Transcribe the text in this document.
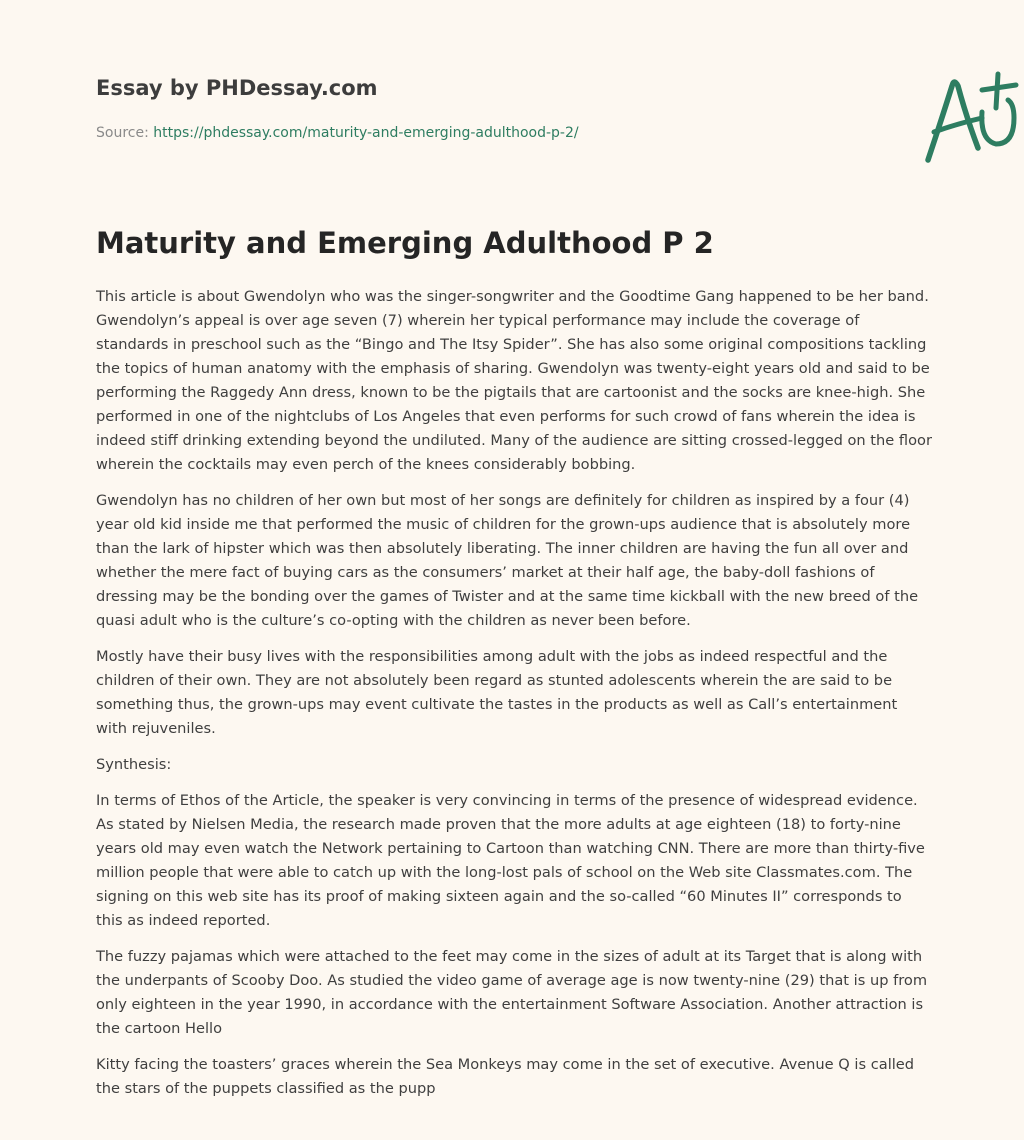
Essay by PHDessay.com
Source: https://phdessay.com/maturity-and-emerging-adulthood-p-2/
Maturity and Emerging Adulthood P 2

This article is about Gwendolyn who was the singer-songwriter and the Goodtime Gang happened to be her band. Gwendolyn’s appeal is over age seven (7) wherein her typical performance may include the coverage of standards in preschool such as the “Bingo and The Itsy Spider”. She has also some original compositions tackling the topics of human anatomy with the emphasis of sharing. Gwendolyn was twenty-eight years old and said to be performing the Raggedy Ann dress, known to be the pigtails that are cartoonist and the socks are knee-high. She performed in one of the nightclubs of Los Angeles that even performs for such crowd of fans wherein the idea is indeed stiff drinking extending beyond the undiluted. Many of the audience are sitting crossed-legged on the floor wherein the cocktails may even perch of the knees considerably bobbing.

Gwendolyn has no children of her own but most of her songs are definitely for children as inspired by a four (4) year old kid inside me that performed the music of children for the grown-ups audience that is absolutely more than the lark of hipster which was then absolutely liberating. The inner children are having the fun all over and whether the mere fact of buying cars as the consumers’ market at their half age, the baby-doll fashions of dressing may be the bonding over the games of Twister and at the same time kickball with the new breed of the quasi adult who is the culture’s co-opting with the children as never been before.

Mostly have their busy lives with the responsibilities among adult with the jobs as indeed respectful and the children of their own. They are not absolutely been regard as stunted adolescents wherein the are said to be something thus, the grown-ups may event cultivate the tastes in the products as well as Call’s entertainment with rejuveniles.

Synthesis:

In terms of Ethos of the Article, the speaker is very convincing in terms of the presence of widespread evidence. As stated by Nielsen Media, the research made proven that the more adults at age eighteen (18) to forty-nine years old may even watch the Network pertaining to Cartoon than watching CNN. There are more than thirty-five million people that were able to catch up with the long-lost pals of school on the Web site Classmates.com. The signing on this web site has its proof of making sixteen again and the so-called “60 Minutes II” corresponds to this as indeed reported.

The fuzzy pajamas which were attached to the feet may come in the sizes of adult at its Target that is along with the underpants of Scooby Doo. As studied the video game of average age is now twenty-nine (29) that is up from only eighteen in the year 1990, in accordance with the entertainment Software Association. Another attraction is the cartoon Hello

Kitty facing the toasters’ graces wherein the Sea Monkeys may come in the set of executive. Avenue Q is called the stars of the puppets classified as the pupp
